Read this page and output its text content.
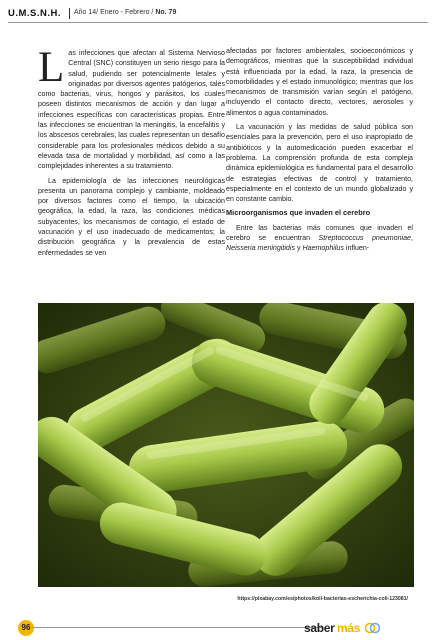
U.M.S.N.H. Año 14/ Enero - Febrero / No. 79

Las infecciones que afectan al Sistema Nervioso Central (SNC) constituyen un serio riesgo para la salud, pudiendo ser potencialmente letales y originadas por diversos agentes patógenos, tales como bacterias, virus, hongos y parásitos, los cuales poseen distintos mecanismos de acción y dan lugar a infecciones específicas con características propias. Entre las infecciones se encuentran la meningitis, la encefalitis y los abscesos cerebrales, las cuales representan un desafío considerable para los profesionales médicos debido a su elevada tasa de mortalidad y morbilidad, así como a las complejidades inherentes a su tratamiento.

La epidemiología de las infecciones neurológicas presenta un panorama complejo y cambiante, moldeado por diversos factores como el tiempo, la ubicación geográfica, la edad, la raza, las condiciones médicas subyacentes, los mecanismos de contagio, el estado de vacunación y el uso inadecuado de medicamentos; la distribución geográfica y la prevalencia de estas enfermedades se ven

afectadas por factores ambientales, socioeconómicos y demográficos, mientras que la susceptibilidad individual está influenciada por la edad, la raza, la presencia de comorbilidades y el estado inmunológico; mientras que los mecanismos de transmisión varían según el patógeno, incluyendo el contacto directo, vectores, aerosoles y alimentos o agua contaminados.

La vacunación y las medidas de salud pública son esenciales para la prevención, pero el uso inapropiado de antibióticos y la automedicación pueden exacerbar el problema. La comprensión profunda de esta compleja dinámica epidemiológica es fundamental para el desarrollo de estrategias efectivas de control y tratamiento, especialmente en el contexto de un mundo globalizado y en constante cambio.

Microorganismos que invaden el cerebro

Entre las bacterias más comunes que invaden el cerebro se encuentran Streptococcus pneumoniae, Neisseria meningitidis y Haemophilus influen-

https://pixabay.com/es/photos/koli-bacterias-escherichia-coli-123081/
96	saber más
